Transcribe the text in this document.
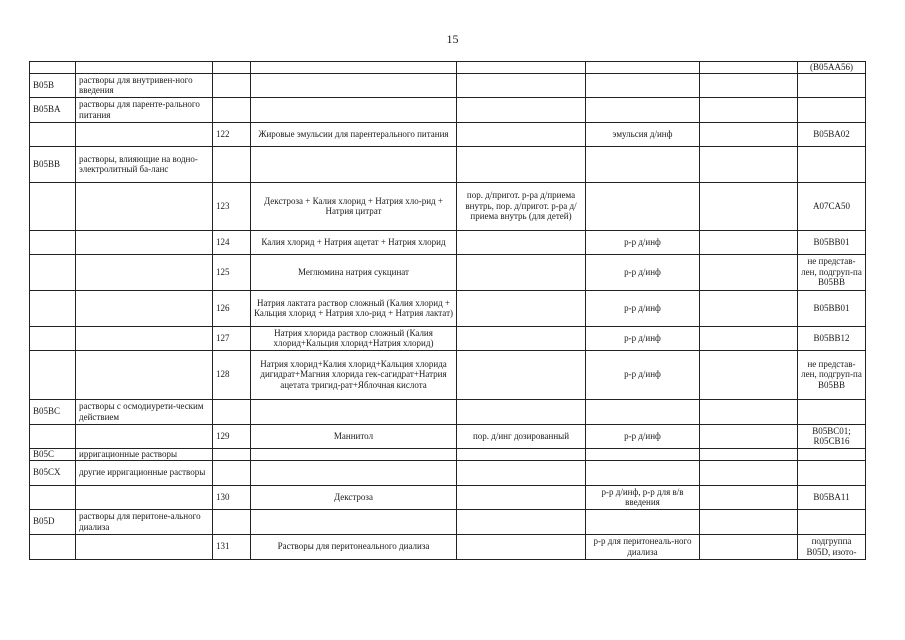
15
							(B05AA56)
B05B	растворы для внутривен-ного введения						
B05BA	растворы для паренте-рального питания						
		122	Жировые эмульсии для парентерального питания		эмульсия д/инф		B05BA02
B05BB	растворы, влияющие на водно-электролитный ба-ланс						
		123	Декстроза + Калия хлорид + Натрия хло-рид + Натрия цитрат	пор. д/пригот. р-ра д/приема внутрь, пор. д/пригот. р-ра д/приема внутрь (для детей)			A07CA50
		124	Калия хлорид + Натрия ацетат + Натрия хлорид		р-р д/инф		B05BB01
		125	Меглюмина натрия сукцинат		р-р д/инф		не представ-лен, подгруп-па B05BB
		126	Натрия лактата раствор сложный (Калия хлорид + Кальция хлорид + Натрия хло-рид + Натрия лактат)		р-р д/инф		B05BB01
		127	Натрия хлорида раствор сложный (Калия хлорид+Кальция хлорид+Натрия хлорид)		р-р д/инф		B05BB12
		128	Натрия хлорид+Калия хлорид+Кальция хлорида дигидрат+Магния хлорида гек-сагидрат+Натрия ацетата тригид-рат+Яблочная кислота		р-р д/инф		не представ-лен, подгруп-па B05BB
B05BC	растворы с осмодиурети-ческим действием						
		129	Маннитол	пор. д/инг дозированный	р-р д/инф		B05BC01; R05CB16
B05C	ирригационные растворы						
B05CX	другие ирригационные растворы						
		130	Декстроза		р-р д/инф, р-р для в/в введения		B05BA11
B05D	растворы для перитоне-ального диализа						
		131	Растворы для перитонеального диализа		р-р для перитонеаль-ного диализа		подгруппа B05D, изото-
